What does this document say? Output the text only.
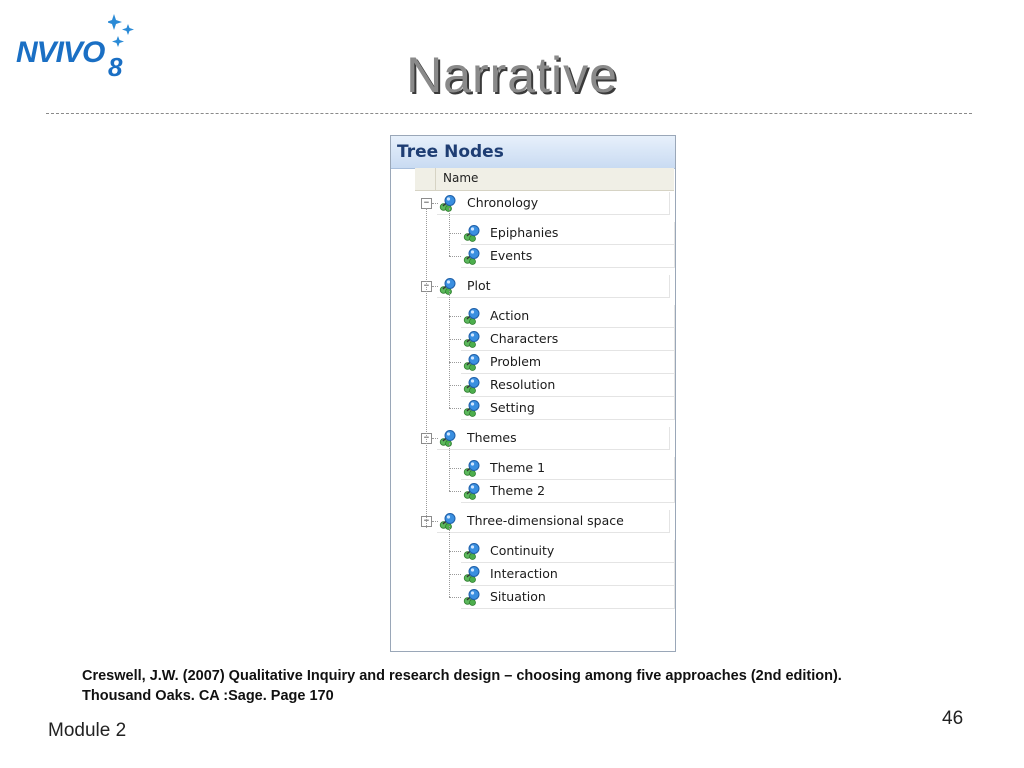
NVIVO 8	Narrative
Tree Nodes
Name
−	Chronology
Epiphanies
Events
−	Plot
Action
Characters
Problem
Resolution
Setting
−	Themes
Theme 1
Theme 2
−	Three-dimensional space
Continuity
Interaction
Situation
Creswell, J.W. (2007) Qualitative Inquiry and research design – choosing among five approaches (2nd edition).
Thousand Oaks. CA :Sage. Page 170
Module 2
46
